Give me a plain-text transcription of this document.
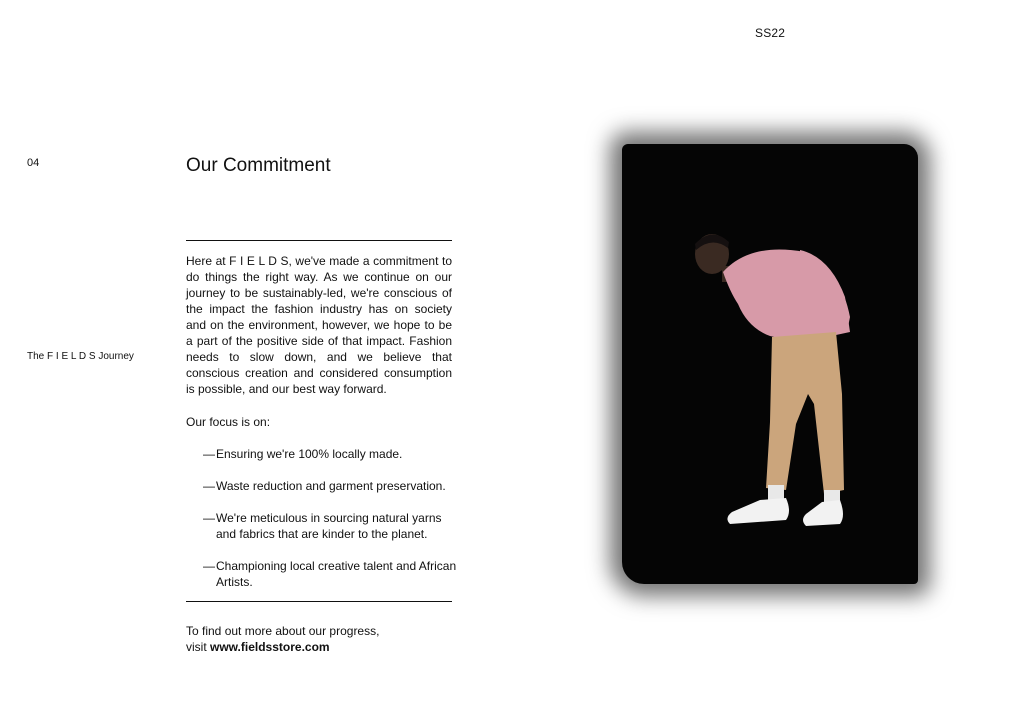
SS22
04
The F I E L D S Journey
Our Commitment

Here at F I E L D S, we've made a commitment to do things the right way. As we continue on our journey to be sustainably-led, we're conscious of the impact the fashion industry has on society and on the environment, however, we hope to be a part of the positive side of that impact. Fashion needs to slow down, and we believe that conscious creation and considered consumption is possible, and our best way forward.

Our focus is on:
— Ensuring we're 100% locally made.
— Waste reduction and garment preservation.
— We're meticulous in sourcing natural yarns and fabrics that are kinder to the planet.
— Championing local creative talent and African Artists.
To find out more about our progress,
visit www.fieldsstore.com
